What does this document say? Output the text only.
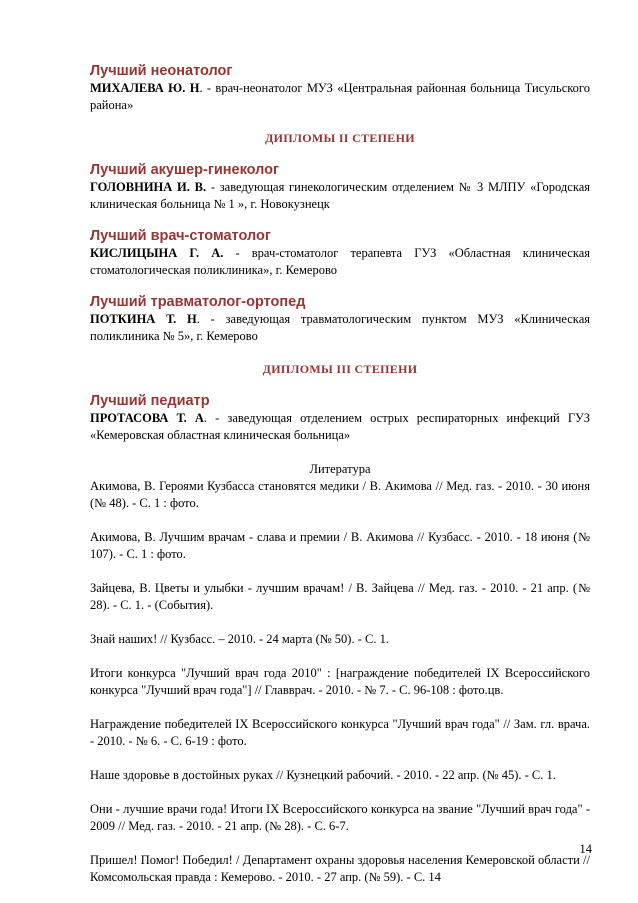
Лучший неонатолог

МИХАЛЕВА Ю. Н. - врач-неонатолог МУЗ «Центральная районная больница Тисульского района»

ДИПЛОМЫ II СТЕПЕНИ

Лучший акушер-гинеколог

ГОЛОВНИНА И. В. - заведующая гинекологическим отделением № 3 МЛПУ «Городская клиническая больница № 1 », г. Новокузнецк

Лучший врач-стоматолог

КИСЛИЦЫНА Г. А. - врач-стоматолог терапевта ГУЗ «Областная клиническая стоматологическая поликлиника», г. Кемерово

Лучший травматолог-ортопед

ПОТКИНА Т. Н. - заведующая травматологическим пунктом МУЗ «Клиническая поликлиника № 5», г. Кемерово

ДИПЛОМЫ III СТЕПЕНИ

Лучший педиатр

ПРОТАСОВА Т. А. - заведующая отделением острых респираторных инфекций ГУЗ «Кемеровская областная клиническая больница»

Литература

Акимова, В. Героями Кузбасса становятся медики / В. Акимова // Мед. газ. - 2010. - 30 июня (№ 48). - С. 1 : фото.

Акимова, В. Лучшим врачам - слава и премии / В. Акимова // Кузбасс. - 2010. - 18 июня (№ 107). - С. 1 : фото.

Зайцева, В. Цветы и улыбки - лучшим врачам! / В. Зайцева // Мед. газ. - 2010. - 21 апр. (№ 28). - С. 1. - (События).

Знай наших! // Кузбасс. – 2010. - 24 марта (№ 50). - С. 1.

Итоги конкурса "Лучший врач года 2010" : [награждение победителей IX Всероссийского конкурса "Лучший врач года"] // Главврач. - 2010. - № 7. - С. 96-108 : фото.цв.

Награждение победителей IX Всероссийского конкурса "Лучший врач года" // Зам. гл. врача. - 2010. - № 6. - С. 6-19 : фото.

Наше здоровье в достойных руках // Кузнецкий рабочий. - 2010. - 22 апр. (№ 45). - С. 1.

Они - лучшие врачи года! Итоги IX Всероссийского конкурса на звание "Лучший врач года" - 2009 // Мед. газ. - 2010. - 21 апр. (№ 28). - С. 6-7.

Пришел! Помог! Победил! / Департамент охраны здоровья населения Кемеровской области // Комсомольская правда : Кемерово. - 2010. - 27 апр. (№ 59). - С. 14

14
